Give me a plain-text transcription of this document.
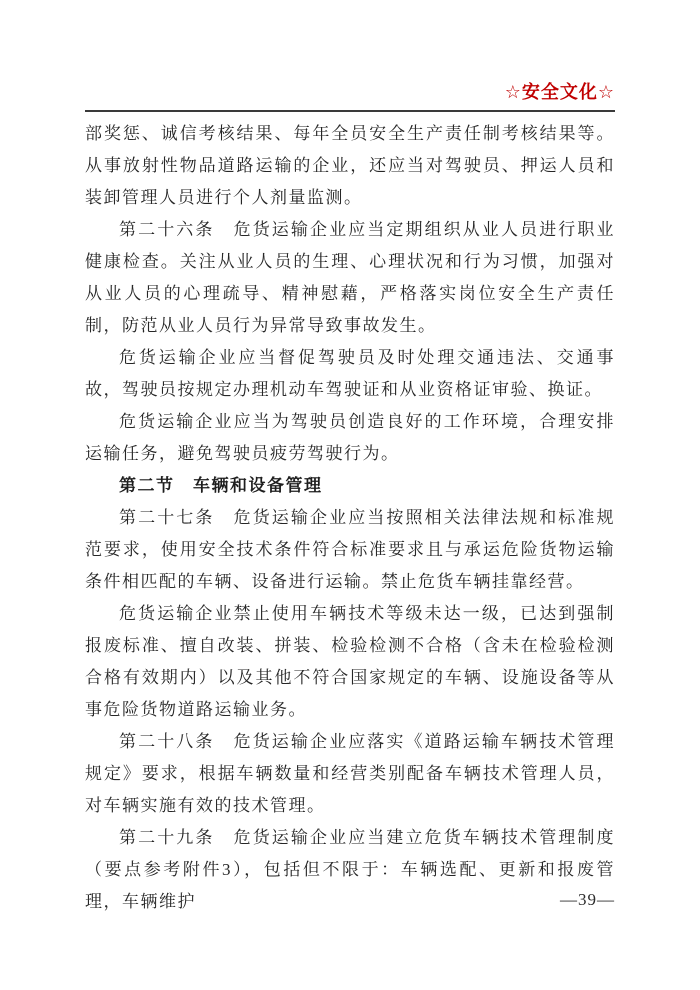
☆安全文化☆

部奖惩、诚信考核结果、每年全员安全生产责任制考核结果等。从事放射性物品道路运输的企业，还应当对驾驶员、押运人员和装卸管理人员进行个人剂量监测。

第二十六条　危货运输企业应当定期组织从业人员进行职业健康检查。关注从业人员的生理、心理状况和行为习惯，加强对从业人员的心理疏导、精神慰藉，严格落实岗位安全生产责任制，防范从业人员行为异常导致事故发生。

危货运输企业应当督促驾驶员及时处理交通违法、交通事故，驾驶员按规定办理机动车驾驶证和从业资格证审验、换证。

危货运输企业应当为驾驶员创造良好的工作环境，合理安排运输任务，避免驾驶员疲劳驾驶行为。

第二节　车辆和设备管理

第二十七条　危货运输企业应当按照相关法律法规和标准规范要求，使用安全技术条件符合标准要求且与承运危险货物运输条件相匹配的车辆、设备进行运输。禁止危货车辆挂靠经营。

危货运输企业禁止使用车辆技术等级未达一级，已达到强制报废标准、擅自改装、拼装、检验检测不合格（含未在检验检测合格有效期内）以及其他不符合国家规定的车辆、设施设备等从事危险货物道路运输业务。

第二十八条　危货运输企业应落实《道路运输车辆技术管理规定》要求，根据车辆数量和经营类别配备车辆技术管理人员，对车辆实施有效的技术管理。

第二十九条　危货运输企业应当建立危货车辆技术管理制度（要点参考附件3），包括但不限于：车辆选配、更新和报废管理，车辆维护	—39—
